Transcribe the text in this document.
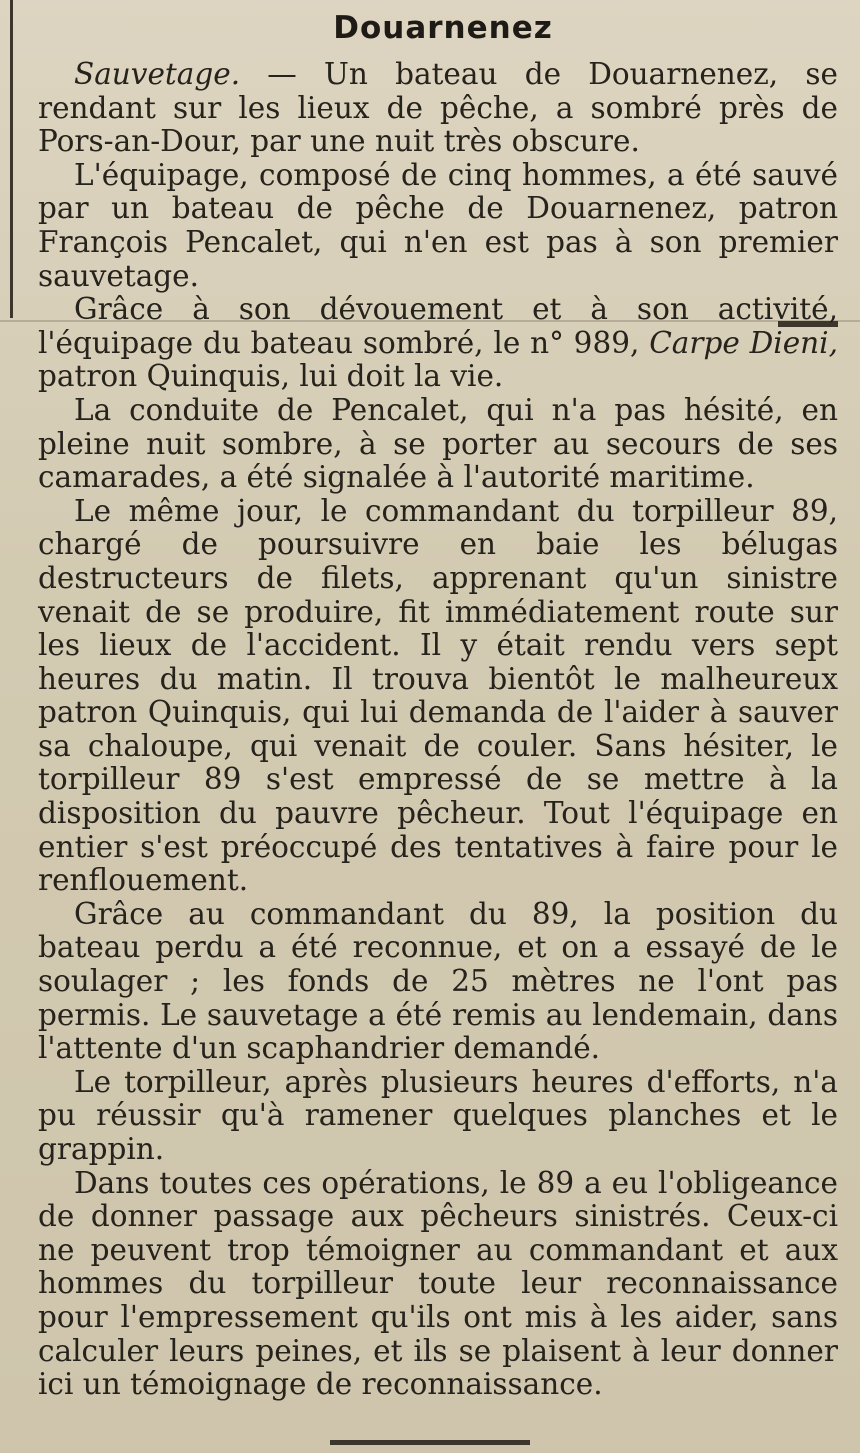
Douarnenez

Sauvetage. — Un bateau de Douarnenez, se rendant sur les lieux de pêche, a sombré près de Pors-an-Dour, par une nuit très obscure.

L'équipage, composé de cinq hommes, a été sauvé par un bateau de pêche de Douarnenez, patron François Pencalet, qui n'en est pas à son premier sauvetage.

Grâce à son dévouement et à son activité, l'équipage du bateau sombré, le n° 989, Carpe Dieni, patron Quinquis, lui doit la vie.

La conduite de Pencalet, qui n'a pas hésité, en pleine nuit sombre, à se porter au secours de ses camarades, a été signalée à l'autorité maritime.

Le même jour, le commandant du torpilleur 89, chargé de poursuivre en baie les bélugas destructeurs de filets, apprenant qu'un sinistre venait de se produire, fit immédiatement route sur les lieux de l'accident. Il y était rendu vers sept heures du matin. Il trouva bientôt le malheureux patron Quinquis, qui lui demanda de l'aider à sauver sa chaloupe, qui venait de couler. Sans hésiter, le torpilleur 89 s'est empressé de se mettre à la disposition du pauvre pêcheur. Tout l'équipage en entier s'est préoccupé des tentatives à faire pour le renflouement.

Grâce au commandant du 89, la position du bateau perdu a été reconnue, et on a essayé de le soulager ; les fonds de 25 mètres ne l'ont pas permis. Le sauvetage a été remis au lendemain, dans l'attente d'un scaphandrier demandé.

Le torpilleur, après plusieurs heures d'efforts, n'a pu réussir qu'à ramener quelques planches et le grappin.

Dans toutes ces opérations, le 89 a eu l'obligeance de donner passage aux pêcheurs sinistrés. Ceux-ci ne peuvent trop témoigner au commandant et aux hommes du torpilleur toute leur reconnaissance pour l'empressement qu'ils ont mis à les aider, sans calculer leurs peines, et ils se plaisent à leur donner ici un témoignage de reconnaissance.
